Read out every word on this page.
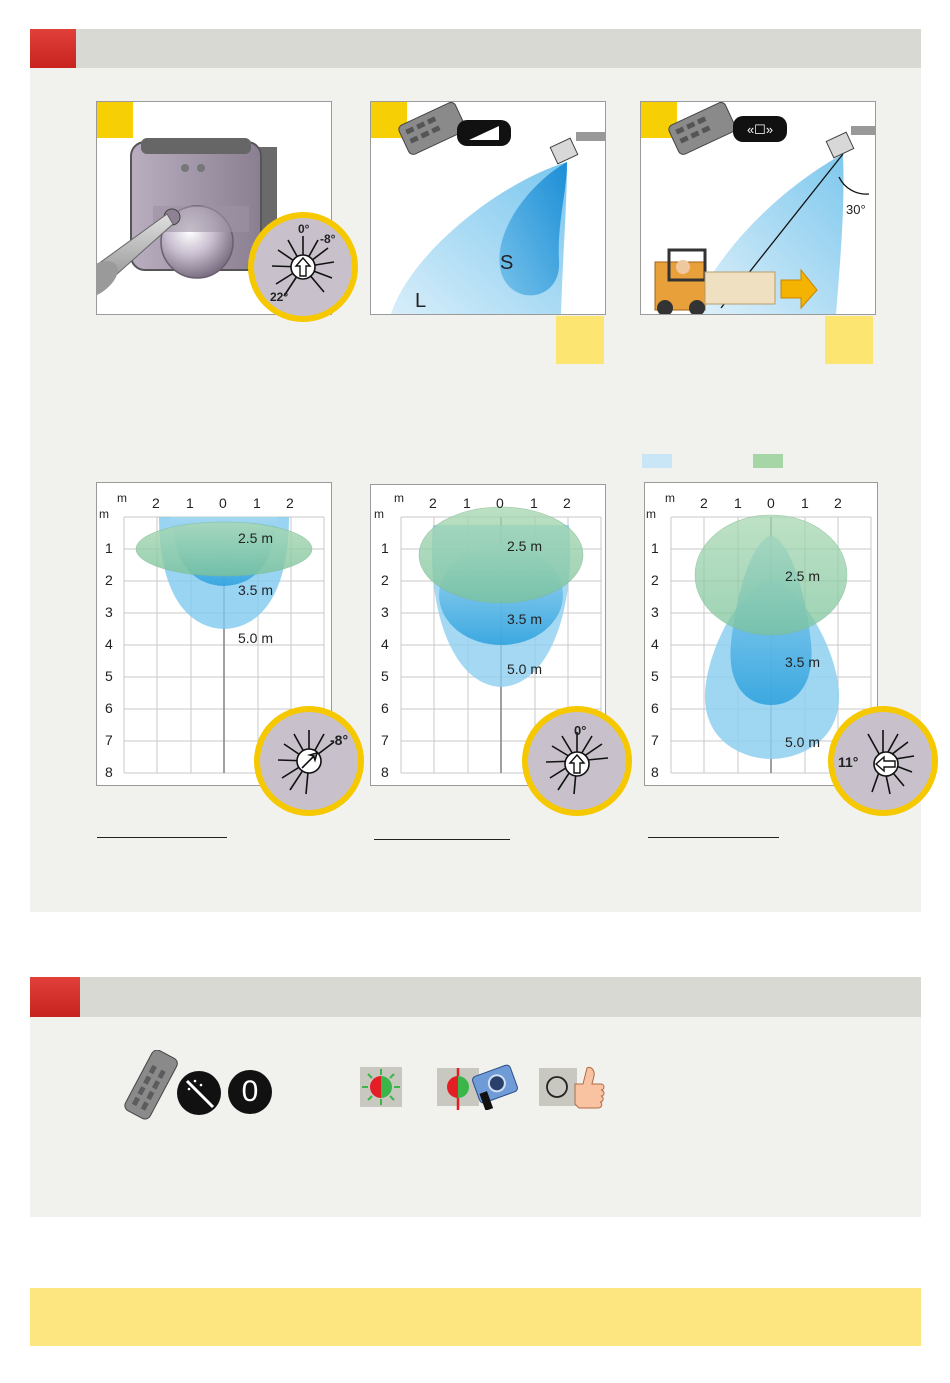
0°
-8°
22°
S
L
«☐»
30°
m
m
2 1 0 1 2
1
2
3
4
5
6
7
8
2.5 m
3.5 m
5.0 m
-8°
m
m
2 1 0 1 2
1
2
3
4
5
6
7
8
2.5 m
3.5 m
5.0 m
0°
m
m
2 1 0 1 2
1
2
3
4
5
6
7
8
2.5 m
3.5 m
5.0 m
11°
0
